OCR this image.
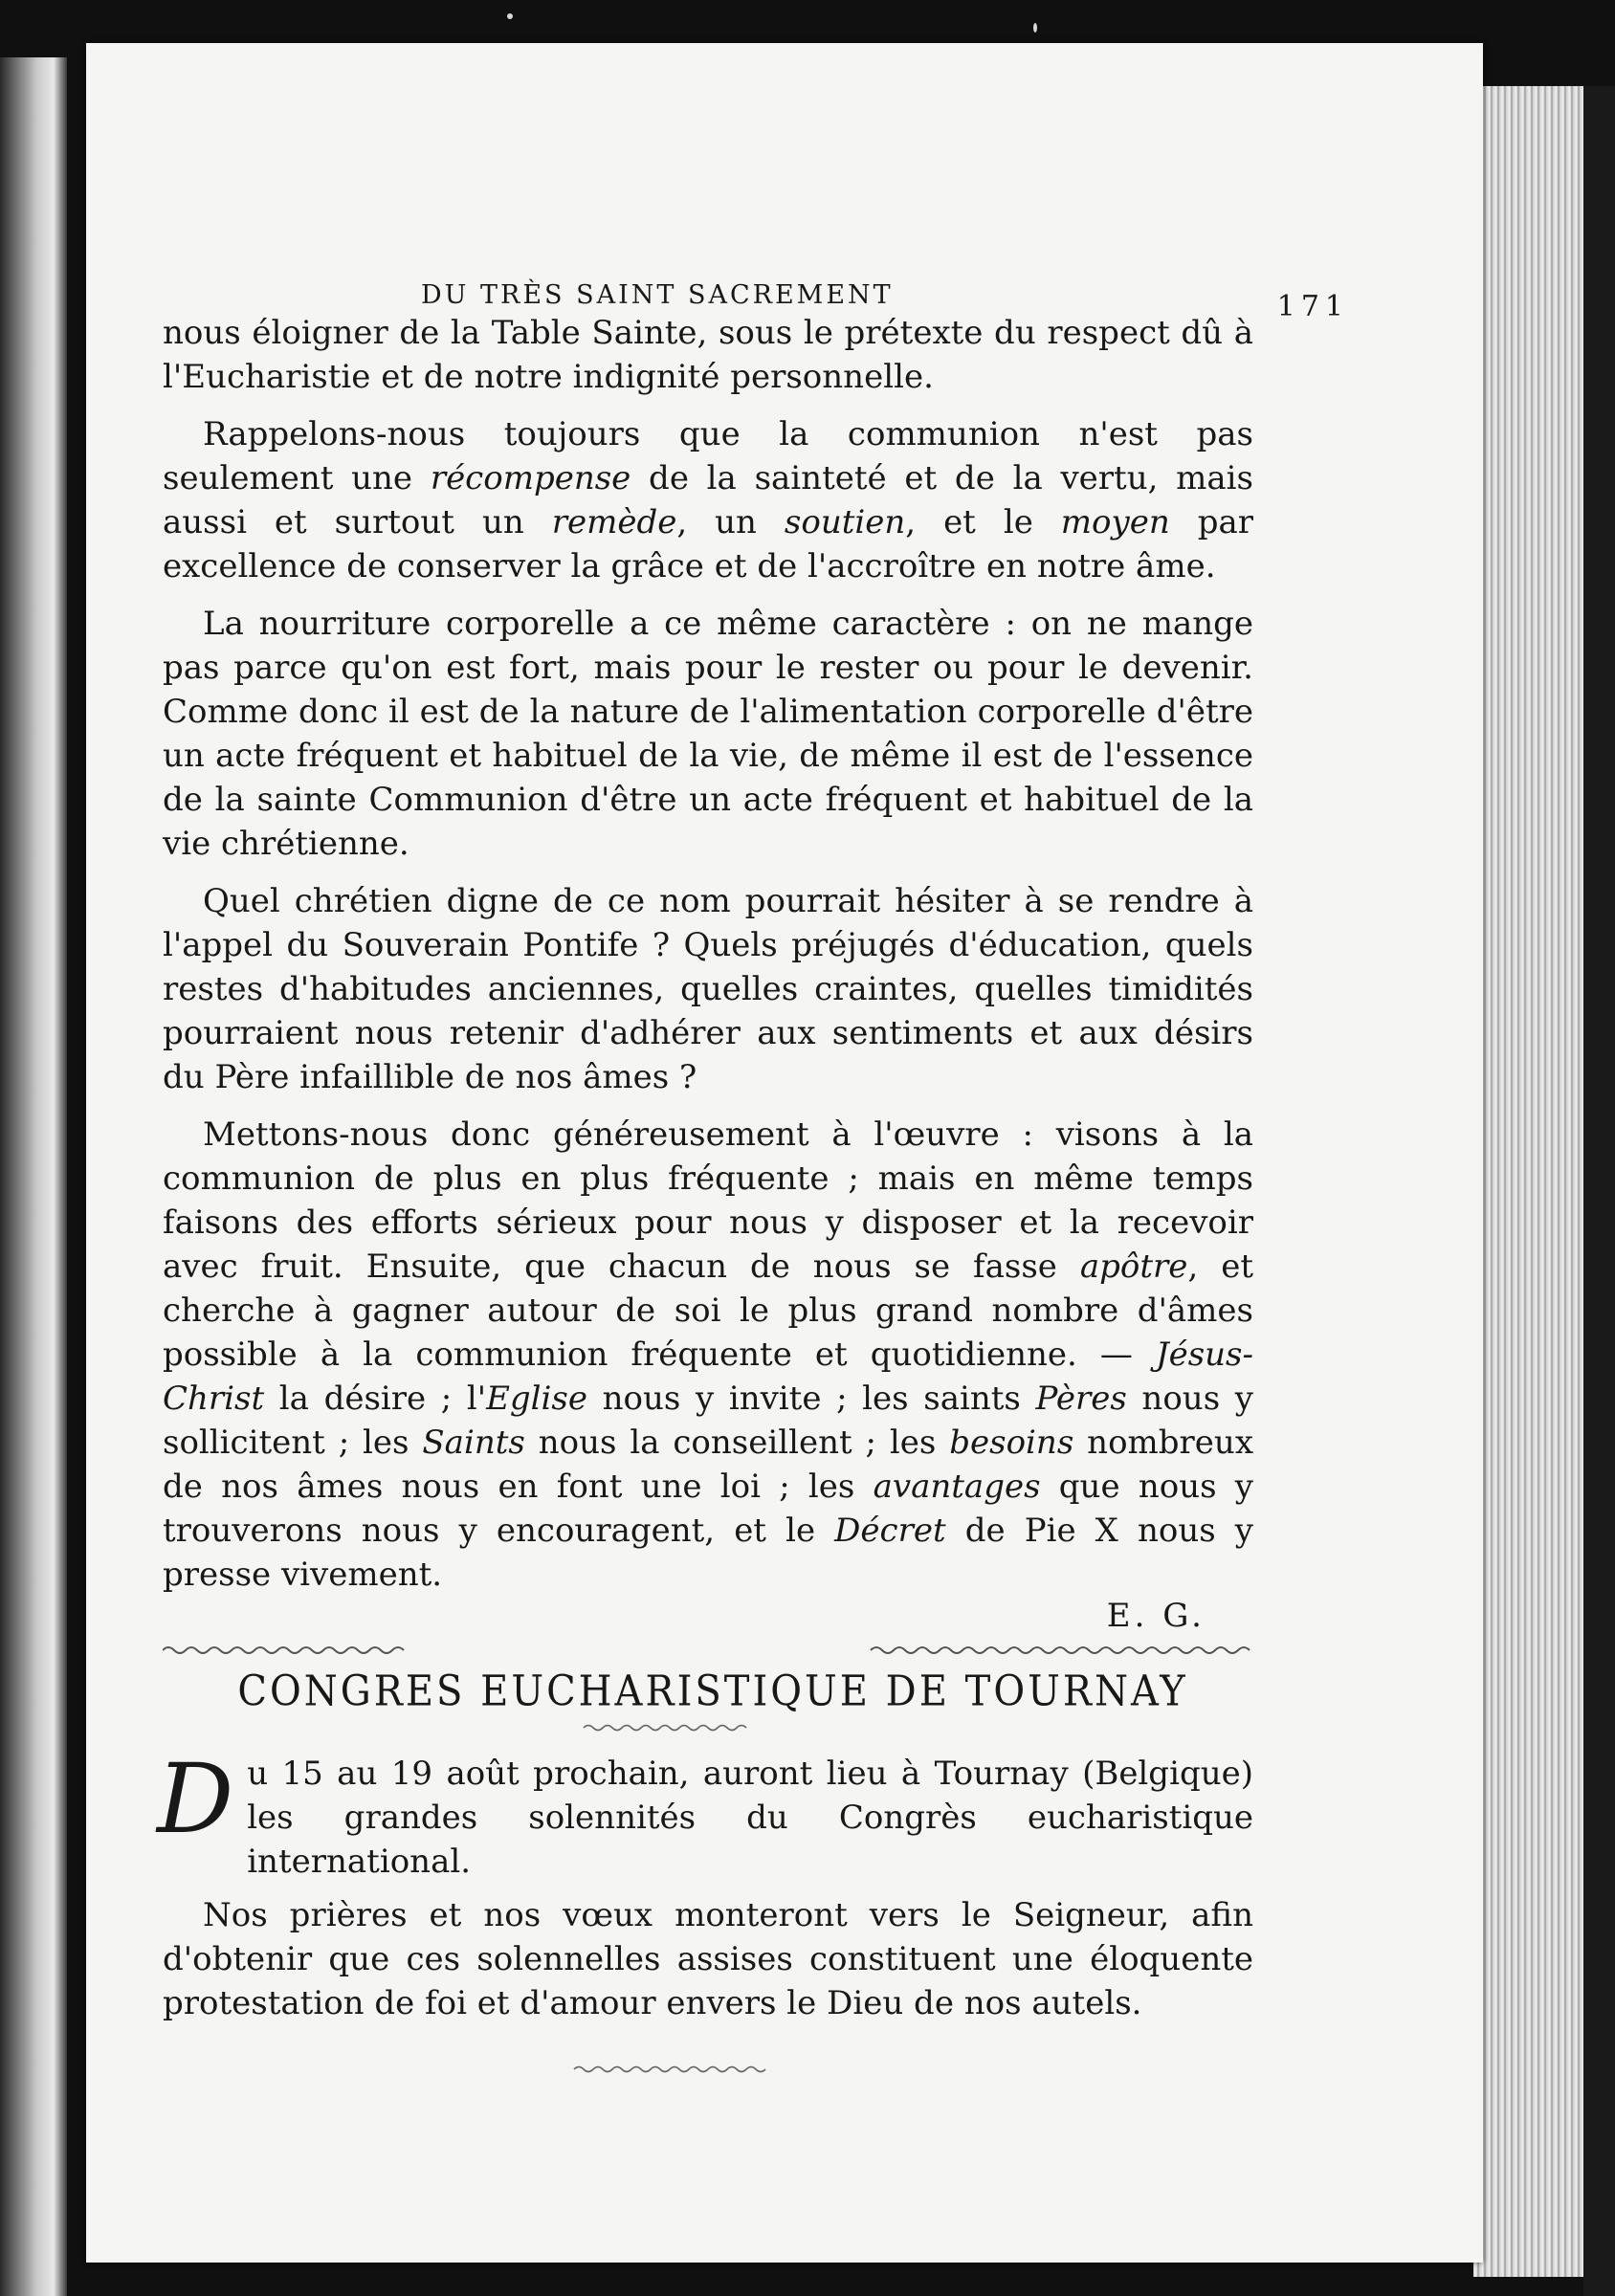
DU TRÈS SAINT SACREMENT	171

nous éloigner de la Table Sainte, sous le prétexte du respect dû à l'Eucharistie et de notre indignité personnelle.

Rappelons-nous toujours que la communion n'est pas seulement une récompense de la sainteté et de la vertu, mais aussi et surtout un remède, un soutien, et le moyen par excellence de conserver la grâce et de l'accroître en notre âme.

La nourriture corporelle a ce même caractère : on ne mange pas parce qu'on est fort, mais pour le rester ou pour le devenir. Comme donc il est de la nature de l'alimentation corporelle d'être un acte fréquent et habituel de la vie, de même il est de l'essence de la sainte Communion d'être un acte fréquent et habituel de la vie chrétienne.

Quel chrétien digne de ce nom pourrait hésiter à se rendre à l'appel du Souverain Pontife ? Quels préjugés d'éducation, quels restes d'habitudes anciennes, quelles craintes, quelles timidités pourraient nous retenir d'adhérer aux sentiments et aux désirs du Père infaillible de nos âmes ?

Mettons-nous donc généreusement à l'œuvre : visons à la communion de plus en plus fréquente ; mais en même temps faisons des efforts sérieux pour nous y disposer et la recevoir avec fruit. Ensuite, que chacun de nous se fasse apôtre, et cherche à gagner autour de soi le plus grand nombre d'âmes possible à la communion fréquente et quotidienne. — Jésus-Christ la désire ; l'Eglise nous y invite ; les saints Pères nous y sollicitent ; les Saints nous la conseillent ; les besoins nombreux de nos âmes nous en font une loi ; les avantages que nous y trouverons nous y encouragent, et le Décret de Pie X nous y presse vivement.

E. G.
CONGRES EUCHARISTIQUE DE TOURNAY
Du 15 au 19 août prochain, auront lieu à Tournay (Belgique) les grandes solennités du Congrès eucharistique international.
Nos prières et nos vœux monteront vers le Seigneur, afin d'obtenir que ces solennelles assises constituent une éloquente protestation de foi et d'amour envers le Dieu de nos autels.
